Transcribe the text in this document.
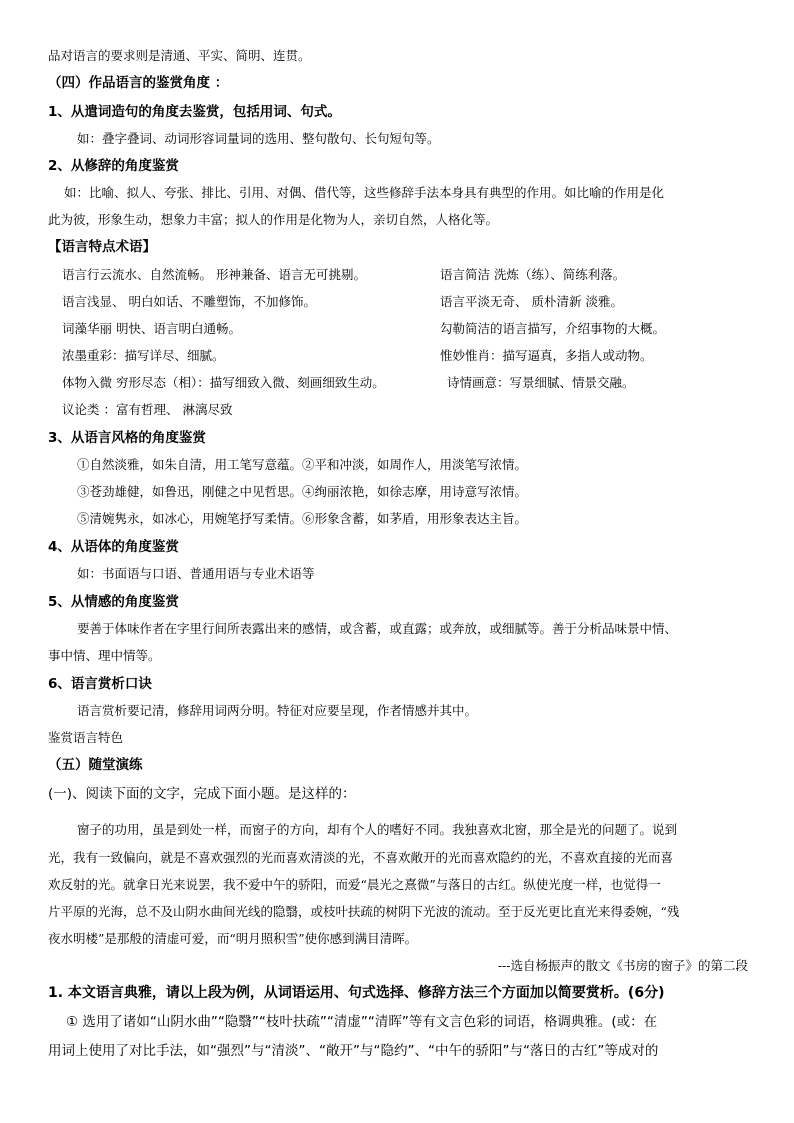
品对语言的要求则是清通、平实、简明、连贯。
（四）作品语言的鉴赏角度 ：
1、从遣词造句的角度去鉴赏，包括用词、句式。
如：叠字叠词、动词形容词量词的选用、整句散句、长句短句等。
2、从修辞的角度鉴赏
如：比喻、拟人、夸张、排比、引用、对偶、借代等，这些修辞手法本身具有典型的作用。如比喻的作用是化
此为彼，形象生动，想象力丰富；拟人的作用是化物为人，亲切自然，人格化等。
【语言特点术语】
语言行云流水、自然流畅。 形神兼备、语言无可挑剔。	语言简洁 洗炼（练）、简练利落。
语言浅显、 明白如话、不雕塑饰，不加修饰。	语言平淡无奇、 质朴清新 淡雅。
词藻华丽 明快、语言明白通畅。	勾勒简洁的语言描写，介绍事物的大概。
浓墨重彩：描写详尽、细腻。	惟妙惟肖：描写逼真，多指人或动物。
体物入微 穷形尽态（相）：描写细致入微、刻画细致生动。	诗情画意：写景细腻、情景交融。
议论类 ：富有哲理、 淋漓尽致
3、从语言风格的角度鉴赏
①自然淡雅，如朱自清，用工笔写意蕴。②平和冲淡，如周作人，用淡笔写浓情。
③苍劲雄健，如鲁迅，刚健之中见哲思。④绚丽浓艳，如徐志摩，用诗意写浓情。
⑤清婉隽永，如冰心，用婉笔抒写柔情。⑥形象含蓄，如茅盾，用形象表达主旨。
4、从语体的角度鉴赏
如：书面语与口语、普通用语与专业术语等
5、从情感的角度鉴赏
要善于体味作者在字里行间所表露出来的感情，或含蓄，或直露；或奔放，或细腻等。善于分析品味景中情、
事中情、理中情等。
6、语言赏析口诀
语言赏析要记清，修辞用词两分明。特征对应要呈现，作者情感并其中。
鉴赏语言特色
（五）随堂演练
(一)、阅读下面的文字，完成下面小题。是这样的：
窗子的功用，虽是到处一样，而窗子的方向，却有个人的嗜好不同。我独喜欢北窗，那全是光的问题了。说到
光，我有一致偏向，就是不喜欢强烈的光而喜欢清淡的光，不喜欢敞开的光而喜欢隐约的光，不喜欢直接的光而喜
欢反射的光。就拿日光来说罢，我不爱中午的骄阳，而爱“晨光之熹微”与落日的古红。纵使光度一样，也觉得一
片平原的光海，总不及山阴水曲间光线的隐翳，或枝叶扶疏的树阴下光波的流动。至于反光更比直光来得委婉，“残
夜水明楼”是那般的清虚可爱，而“明月照积雪”使你感到满目清晖。
---选自杨振声的散文《书房的窗子》的第二段
1. 本文语言典雅，请以上段为例，从词语运用、句式选择、修辞方法三个方面加以简要赏析。(6分)
① 选用了诸如“山阴水曲”“隐翳”“枝叶扶疏”“清虚”“清晖”等有文言色彩的词语，格调典雅。(或：在
用词上使用了对比手法，如“强烈”与“清淡”、“敞开”与“隐约”、“中午的骄阳”与“落日的古红”等成对的
